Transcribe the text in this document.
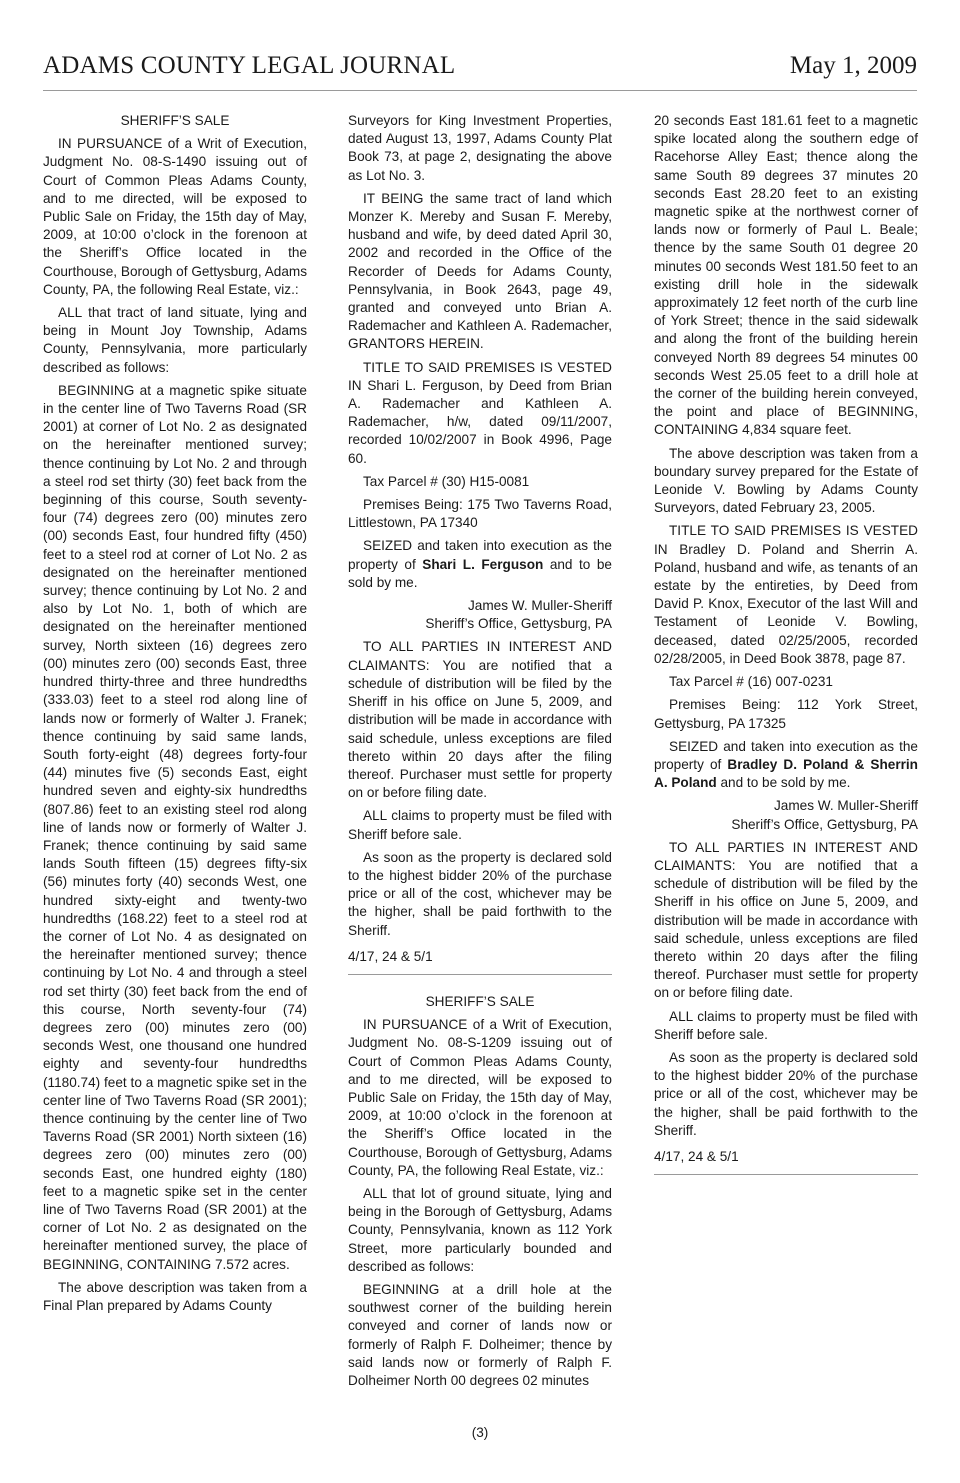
ADAMS COUNTY LEGAL JOURNAL	May 1, 2009

SHERIFF’S SALE

IN PURSUANCE of a Writ of Execution, Judgment No. 08-S-1490 issuing out of Court of Common Pleas Adams County, and to me directed, will be exposed to Public Sale on Friday, the 15th day of May, 2009, at 10:00 o’clock in the forenoon at the Sheriff’s Office located in the Courthouse, Borough of Gettysburg, Adams County, PA, the following Real Estate, viz.:

ALL that tract of land situate, lying and being in Mount Joy Township, Adams County, Pennsylvania, more particularly described as follows:

BEGINNING at a magnetic spike situate in the center line of Two Taverns Road (SR 2001) at corner of Lot No. 2 as designated on the hereinafter mentioned survey; thence continuing by Lot No. 2 and through a steel rod set thirty (30) feet back from the beginning of this course, South seventy-four (74) degrees zero (00) minutes zero (00) seconds East, four hundred fifty (450) feet to a steel rod at corner of Lot No. 2 as designated on the hereinafter mentioned survey; thence continuing by Lot No. 2 and also by Lot No. 1, both of which are designated on the hereinafter mentioned survey, North sixteen (16) degrees zero (00) minutes zero (00) seconds East, three hundred thirty-three and three hundredths (333.03) feet to a steel rod along line of lands now or formerly of Walter J. Franek; thence continuing by said same lands, South forty-eight (48) degrees forty-four (44) minutes five (5) seconds East, eight hundred seven and eighty-six hundredths (807.86) feet to an existing steel rod along line of lands now or formerly of Walter J. Franek; thence continuing by said same lands South fifteen (15) degrees fifty-six (56) minutes forty (40) seconds West, one hundred sixty-eight and twenty-two hundredths (168.22) feet to a steel rod at the corner of Lot No. 4 as designated on the hereinafter mentioned survey; thence continuing by Lot No. 4 and through a steel rod set thirty (30) feet back from the end of this course, North seventy-four (74) degrees zero (00) minutes zero (00) seconds West, one thousand one hundred eighty and seventy-four hundredths (1180.74) feet to a magnetic spike set in the center line of Two Taverns Road (SR 2001); thence continuing by the center line of Two Taverns Road (SR 2001) North sixteen (16) degrees zero (00) minutes zero (00) seconds East, one hundred eighty (180) feet to a magnetic spike set in the center line of Two Taverns Road (SR 2001) at the corner of Lot No. 2 as designated on the hereinafter mentioned survey, the place of BEGINNING, CONTAINING 7.572 acres.

The above description was taken from a Final Plan prepared by Adams County

Surveyors for King Investment Properties, dated August 13, 1997, Adams County Plat Book 73, at page 2, designating the above as Lot No. 3.

IT BEING the same tract of land which Monzer K. Mereby and Susan F. Mereby, husband and wife, by deed dated April 30, 2002 and recorded in the Office of the Recorder of Deeds for Adams County, Pennsylvania, in Book 2643, page 49, granted and conveyed unto Brian A. Rademacher and Kathleen A. Rademacher, GRANTORS HEREIN.

TITLE TO SAID PREMISES IS VESTED IN Shari L. Ferguson, by Deed from Brian A. Rademacher and Kathleen A. Rademacher, h/w, dated 09/11/2007, recorded 10/02/2007 in Book 4996, Page 60.

Tax Parcel # (30) H15-0081

Premises Being: 175 Two Taverns Road, Littlestown, PA 17340

SEIZED and taken into execution as the property of Shari L. Ferguson and to be sold by me.

James W. Muller-Sheriff
Sheriff’s Office, Gettysburg, PA

TO ALL PARTIES IN INTEREST AND CLAIMANTS: You are notified that a schedule of distribution will be filed by the Sheriff in his office on June 5, 2009, and distribution will be made in accordance with said schedule, unless exceptions are filed thereto within 20 days after the filing thereof. Purchaser must settle for property on or before filing date.

ALL claims to property must be filed with Sheriff before sale.

As soon as the property is declared sold to the highest bidder 20% of the purchase price or all of the cost, whichever may be the higher, shall be paid forthwith to the Sheriff.

4/17, 24 & 5/1

SHERIFF’S SALE

IN PURSUANCE of a Writ of Execution, Judgment No. 08-S-1209 issuing out of Court of Common Pleas Adams County, and to me directed, will be exposed to Public Sale on Friday, the 15th day of May, 2009, at 10:00 o’clock in the forenoon at the Sheriff’s Office located in the Courthouse, Borough of Gettysburg, Adams County, PA, the following Real Estate, viz.:

ALL that lot of ground situate, lying and being in the Borough of Gettysburg, Adams County, Pennsylvania, known as 112 York Street, more particularly bounded and described as follows:

BEGINNING at a drill hole at the southwest corner of the building herein conveyed and corner of lands now or formerly of Ralph F. Dolheimer; thence by said lands now or formerly of Ralph F. Dolheimer North 00 degrees 02 minutes

20 seconds East 181.61 feet to a magnetic spike located along the southern edge of Racehorse Alley East; thence along the same South 89 degrees 37 minutes 20 seconds East 28.20 feet to an existing magnetic spike at the northwest corner of lands now or formerly of Paul L. Beale; thence by the same South 01 degree 20 minutes 00 seconds West 181.50 feet to an existing drill hole in the sidewalk approximately 12 feet north of the curb line of York Street; thence in the said sidewalk and along the front of the building herein conveyed North 89 degrees 54 minutes 00 seconds West 25.05 feet to a drill hole at the corner of the building herein conveyed, the point and place of BEGINNING, CONTAINING 4,834 square feet.

The above description was taken from a boundary survey prepared for the Estate of Leonide V. Bowling by Adams County Surveyors, dated February 23, 2005.

TITLE TO SAID PREMISES IS VESTED IN Bradley D. Poland and Sherrin A. Poland, husband and wife, as tenants of an estate by the entireties, by Deed from David P. Knox, Executor of the last Will and Testament of Leonide V. Bowling, deceased, dated 02/25/2005, recorded 02/28/2005, in Deed Book 3878, page 87.

Tax Parcel # (16) 007-0231

Premises Being: 112 York Street, Gettysburg, PA 17325

SEIZED and taken into execution as the property of Bradley D. Poland & Sherrin A. Poland and to be sold by me.

James W. Muller-Sheriff
Sheriff’s Office, Gettysburg, PA

TO ALL PARTIES IN INTEREST AND CLAIMANTS: You are notified that a schedule of distribution will be filed by the Sheriff in his office on June 5, 2009, and distribution will be made in accordance with said schedule, unless exceptions are filed thereto within 20 days after the filing thereof. Purchaser must settle for property on or before filing date.

ALL claims to property must be filed with Sheriff before sale.

As soon as the property is declared sold to the highest bidder 20% of the purchase price or all of the cost, whichever may be the higher, shall be paid forthwith to the Sheriff.

4/17, 24 & 5/1

(3)
